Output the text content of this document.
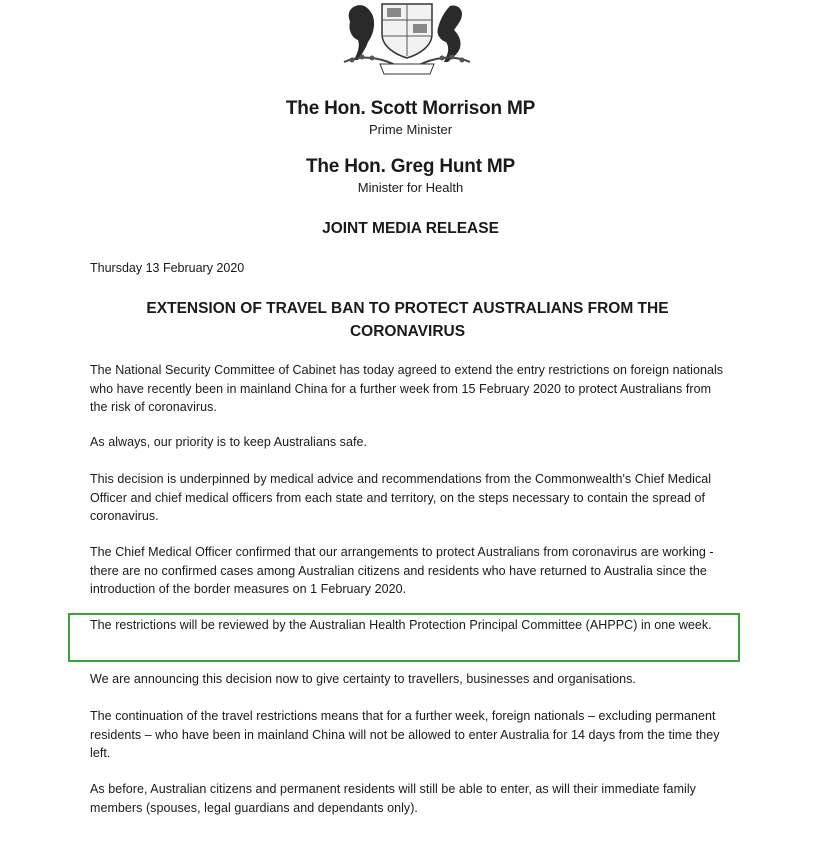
The Hon. Scott Morrison MP
Prime Minister
The Hon. Greg Hunt MP
Minister for Health
JOINT MEDIA RELEASE
Thursday 13 February 2020
EXTENSION OF TRAVEL BAN TO PROTECT AUSTRALIANS FROM THE CORONAVIRUS
The National Security Committee of Cabinet has today agreed to extend the entry restrictions on foreign nationals who have recently been in mainland China for a further week from 15 February 2020 to protect Australians from the risk of coronavirus.
As always, our priority is to keep Australians safe.
This decision is underpinned by medical advice and recommendations from the Commonwealth's Chief Medical Officer and chief medical officers from each state and territory, on the steps necessary to contain the spread of coronavirus.
The Chief Medical Officer confirmed that our arrangements to protect Australians from coronavirus are working - there are no confirmed cases among Australian citizens and residents who have returned to Australia since the introduction of the border measures on 1 February 2020.
The restrictions will be reviewed by the Australian Health Protection Principal Committee (AHPPC) in one week.
We are announcing this decision now to give certainty to travellers, businesses and organisations.
The continuation of the travel restrictions means that for a further week, foreign nationals – excluding permanent residents – who have been in mainland China will not be allowed to enter Australia for 14 days from the time they left.
As before, Australian citizens and permanent residents will still be able to enter, as will their immediate family members (spouses, legal guardians and dependants only).
